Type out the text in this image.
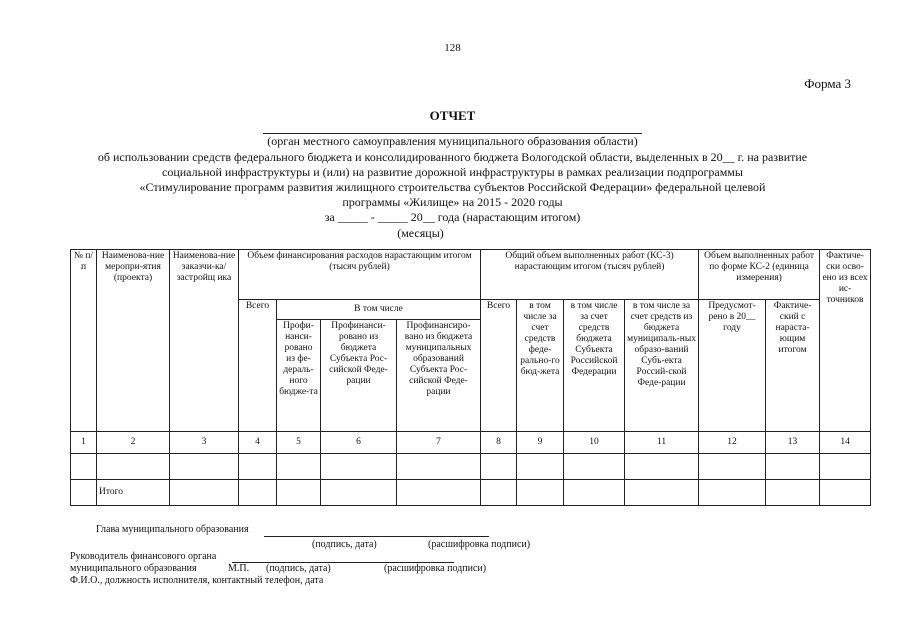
128
Форма 3
ОТЧЕТ
(орган местного самоуправления муниципального образования области)
об использовании средств федерального бюджета и консолидированного бюджета Вологодской области, выделенных в 20__ г. на развитие
социальной инфраструктуры и (или) на развитие дорожной инфраструктуры в рамках реализации подпрограммы
«Стимулирование программ развития жилищного строительства субъектов Российской Федерации» федеральной целевой
программы «Жилище» на 2015 - 2020 годы
за _____ - _____ 20__ года (нарастающим итогом)
(месяцы)
№ п/п	Наименова-ние меропри-ятия (проекта)	Наименова-ние заказчи-ка/застройщ ика	Объем финансирования расходов нарастающим итогом (тысяч рублей)				Общий объем выполненных работ (КС-3) нарастающим итогом (тысяч рублей)				Объем выполненных работ по форме КС-2 (единица измерения)		Фактиче-ски осво-ено из всех ис-точников
			Всего	В том числе			Всего	в том числе за счет средств феде-рально-го бюд-жета	в том числе за счет средств бюджета Субъекта Российской Федерации	в том числе за счет средств из бюджета муниципаль-ных образо-ваний Субъ-екта Россий-ской Феде-рации	Предусмот-рено в 20__ году	Фактиче-ский с нараста-ющим итогом	
				Профи-нанси-ровано из фе-дераль-ного бюдже-та	Профинанси-ровано из бюджета Субъекта Рос-сийской Феде-рации	Профинансиро-вано из бюджета муниципальных образований Субъекта Рос-сийской Феде-рации							
1	2	3	4	5	6	7	8	9	10	11	12	13	14

	Итого												
Глава муниципального образования
(подпись, дата)	(расшифровка подписи)
Руководитель финансового органа
муниципального образования	М.П. (подпись, дата)	(расшифровка подписи)
Ф.И.О., должность исполнителя, контактный телефон, дата
